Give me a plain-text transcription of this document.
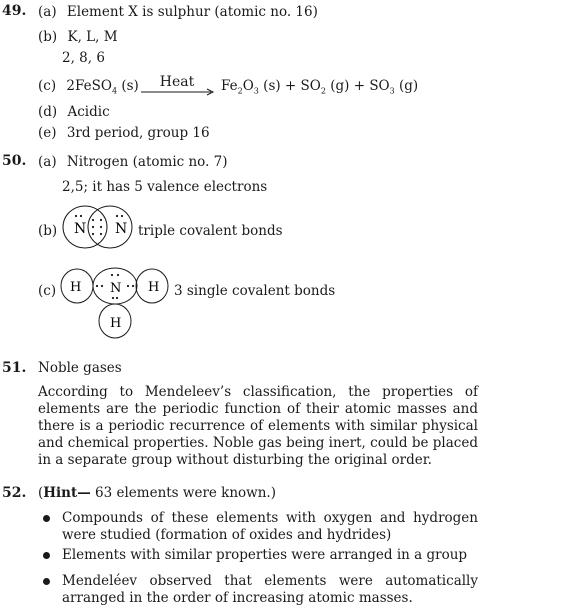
49. (a) Element X is sulphur (atomic no. 16)
(b) K, L, M
2, 8, 6
(c) 2FeSO$_4$ (s)	Heat	$Fe_2O_3$ $(s) + SO_2$ $(g) + SO_3$ (g)
(d) Acidic
(e) 3rd period, group 16
50. (a) Nitrogen (atomic no. 7)
2,5; it has 5 valence electrons
(b) N N triple covalent bonds
(c) H N H
H
3 single covalent bonds
51. Noble gases
According to Mendeleev’s classification, the properties of elements are the periodic function of their atomic masses and there is a periodic recurrence of elements with similar physical and chemical properties. Noble gas being inert, could be placed in a separate group without disturbing the original order.
52. (Hint— 63 elements were known.)
Compounds of these elements with oxygen and hydrogen were studied (formation of oxides and hydrides)
Elements with similar properties were arranged in a group
Mendeléev observed that elements were automatically arranged in the order of increasing atomic masses.
